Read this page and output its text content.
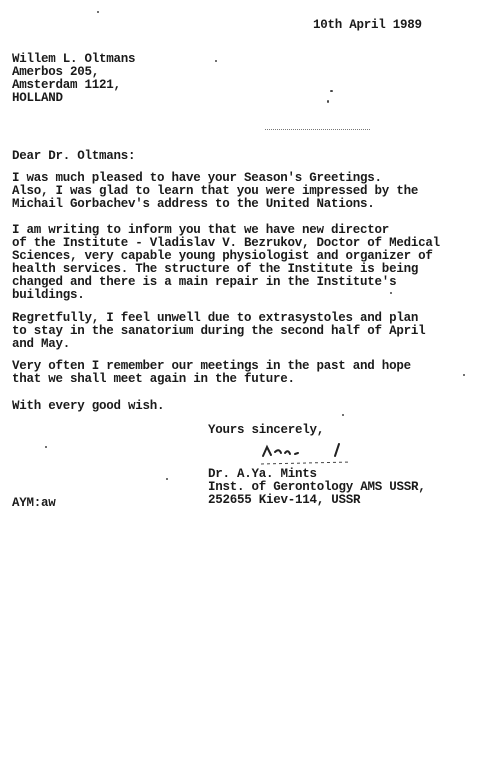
10th April 1989
Willem L. Oltmans
Amerbos 205,
Amsterdam 1121,
HOLLAND
Dear Dr. Oltmans:
I was much pleased to have your Season's Greetings.
Also, I was glad to learn that you were impressed by the
Michail Gorbachev's address to the United Nations.
I am writing to inform you that we have new director
of the Institute - Vladislav V. Bezrukov, Doctor of Medical
Sciences, very capable young physiologist and organizer of
health services. The structure of the Institute is being
changed and there is a main repair in the Institute's
buildings.
Regretfully, I feel unwell due to extrasystoles and plan
to stay in the sanatorium during the second half of April
and May.
Very often I remember our meetings in the past and hope
that we shall meet again in the future.
With every good wish.
Yours sincerely,
Dr. A.Ya. Mints
Inst. of Gerontology AMS USSR,
252655 Kiev-114, USSR
AYM:aw
